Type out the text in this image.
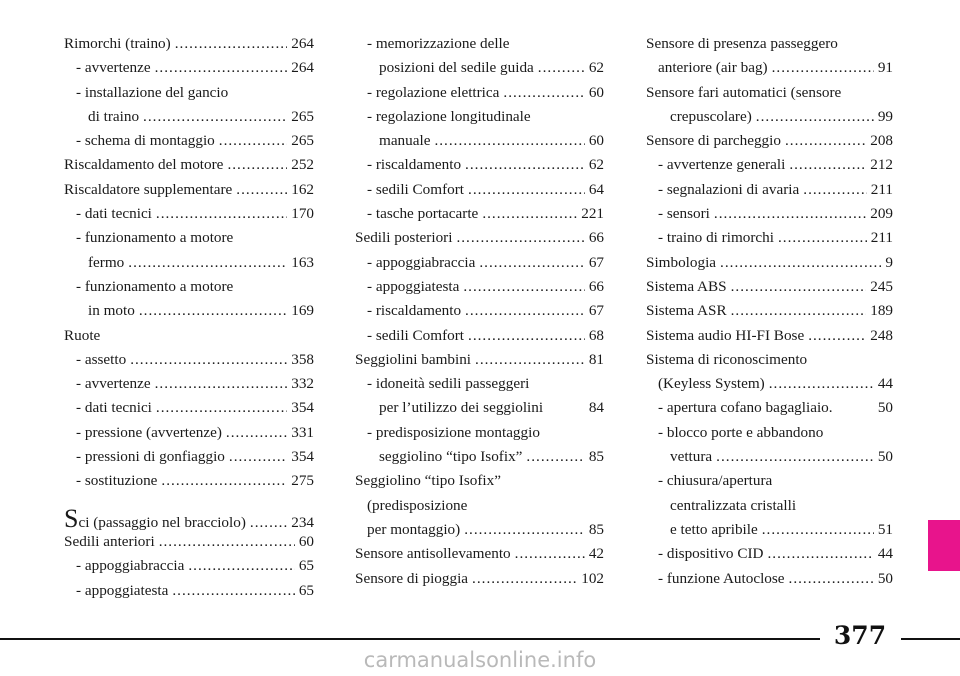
Rimorchi (traino) .....	264
- avvertenze .....	264
- installazione del gancio
di traino .....	265
- schema di montaggio .....	265
Riscaldamento del motore .....	252
Riscaldatore supplementare .....	162
- dati tecnici .....	170
- funzionamento a motore
fermo .....	163
- funzionamento a motore
in moto .....	169
Ruote
- assetto .....	358
- avvertenze .....	332
- dati tecnici .....	354
- pressione (avvertenze) .....	331
- pressioni di gonfiaggio .....	354
- sostituzione .....	275
Sci (passaggio nel bracciolo) .....	234
Sedili anteriori .....	60
- appoggiabraccia .....	65
- appoggiatesta .....	65
- memorizzazione delle
posizioni del sedile guida .....	62
- regolazione elettrica .....	60
- regolazione longitudinale
manuale .....	60
- riscaldamento .....	62
- sedili Comfort .....	64
- tasche portacarte .....	221
Sedili posteriori .....	66
- appoggiabraccia .....	67
- appoggiatesta .....	66
- riscaldamento .....	67
- sedili Comfort .....	68
Seggiolini bambini .....	81
- idoneità sedili passeggeri
per l’utilizzo dei seggiolini	84
- predisposizione montaggio
seggiolino “tipo Isofix” .....	85
Seggiolino “tipo Isofix”
(predisposizione
per montaggio) .....	85
Sensore antisollevamento .....	42
Sensore di pioggia .....	102
Sensore di presenza passeggero
anteriore (air bag) .....	91
Sensore fari automatici (sensore
crepuscolare) .....	99
Sensore di parcheggio .....	208
- avvertenze generali .....	212
- segnalazioni di avaria .....	211
- sensori .....	209
- traino di rimorchi .....	211
Simbologia .....	9
Sistema ABS .....	245
Sistema ASR .....	189
Sistema audio HI-FI Bose .....	248
Sistema di riconoscimento
(Keyless System) .....	44
- apertura cofano bagagliaio.	50
- blocco porte e abbandono
vettura .....	50
- chiusura/apertura
centralizzata cristalli
e tetto apribile .....	51
- dispositivo CID .....	44
- funzione Autoclose .....	50
377
carmanualsonline.info
